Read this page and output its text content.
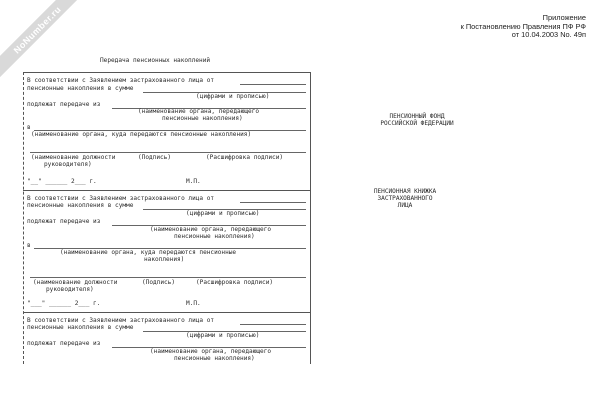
NoNumber.ru	Приложение
к Постановлению Правления ПФ РФ
от 10.04.2003 No. 49п
Передача пенсионных накоплений
В соответствии с Заявлением застрахованного лица от
пенсионные накопления в сумме
(цифрами и прописью)
подлежат передаче из
(наименование органа, передающего
пенсионные накопления)
в
(наименование органа, куда передаются пенсионные накопления)
(наименование должности
руководителя)
(Подпись)	(Расшифровка подписи)
"__" ______ 2___ г.	М.П.
В соответствии с Заявлением застрахованного лица от
пенсионные накопления в сумме
(цифрами и прописью)
подлежат передаче из
(наименование органа, передающего
пенсионные накопления)
в
(наименование органа, куда передаются пенсионные
накопления)
(наименование должности
руководителя)
(Подпись)	(Расшифровка подписи)
"___" ______ 2___ г.	М.П.
В соответствии с Заявлением застрахованного лица от
пенсионные накопления в сумме
(цифрами и прописью)
подлежат передаче из
(наименование органа, передающего
пенсионные накопления)
ПЕНСИОННЫЙ ФОНД
РОССИЙСКОЙ ФЕДЕРАЦИИ
ПЕНСИОННАЯ КНИЖКА
ЗАСТРАХОВАННОГО
ЛИЦА
